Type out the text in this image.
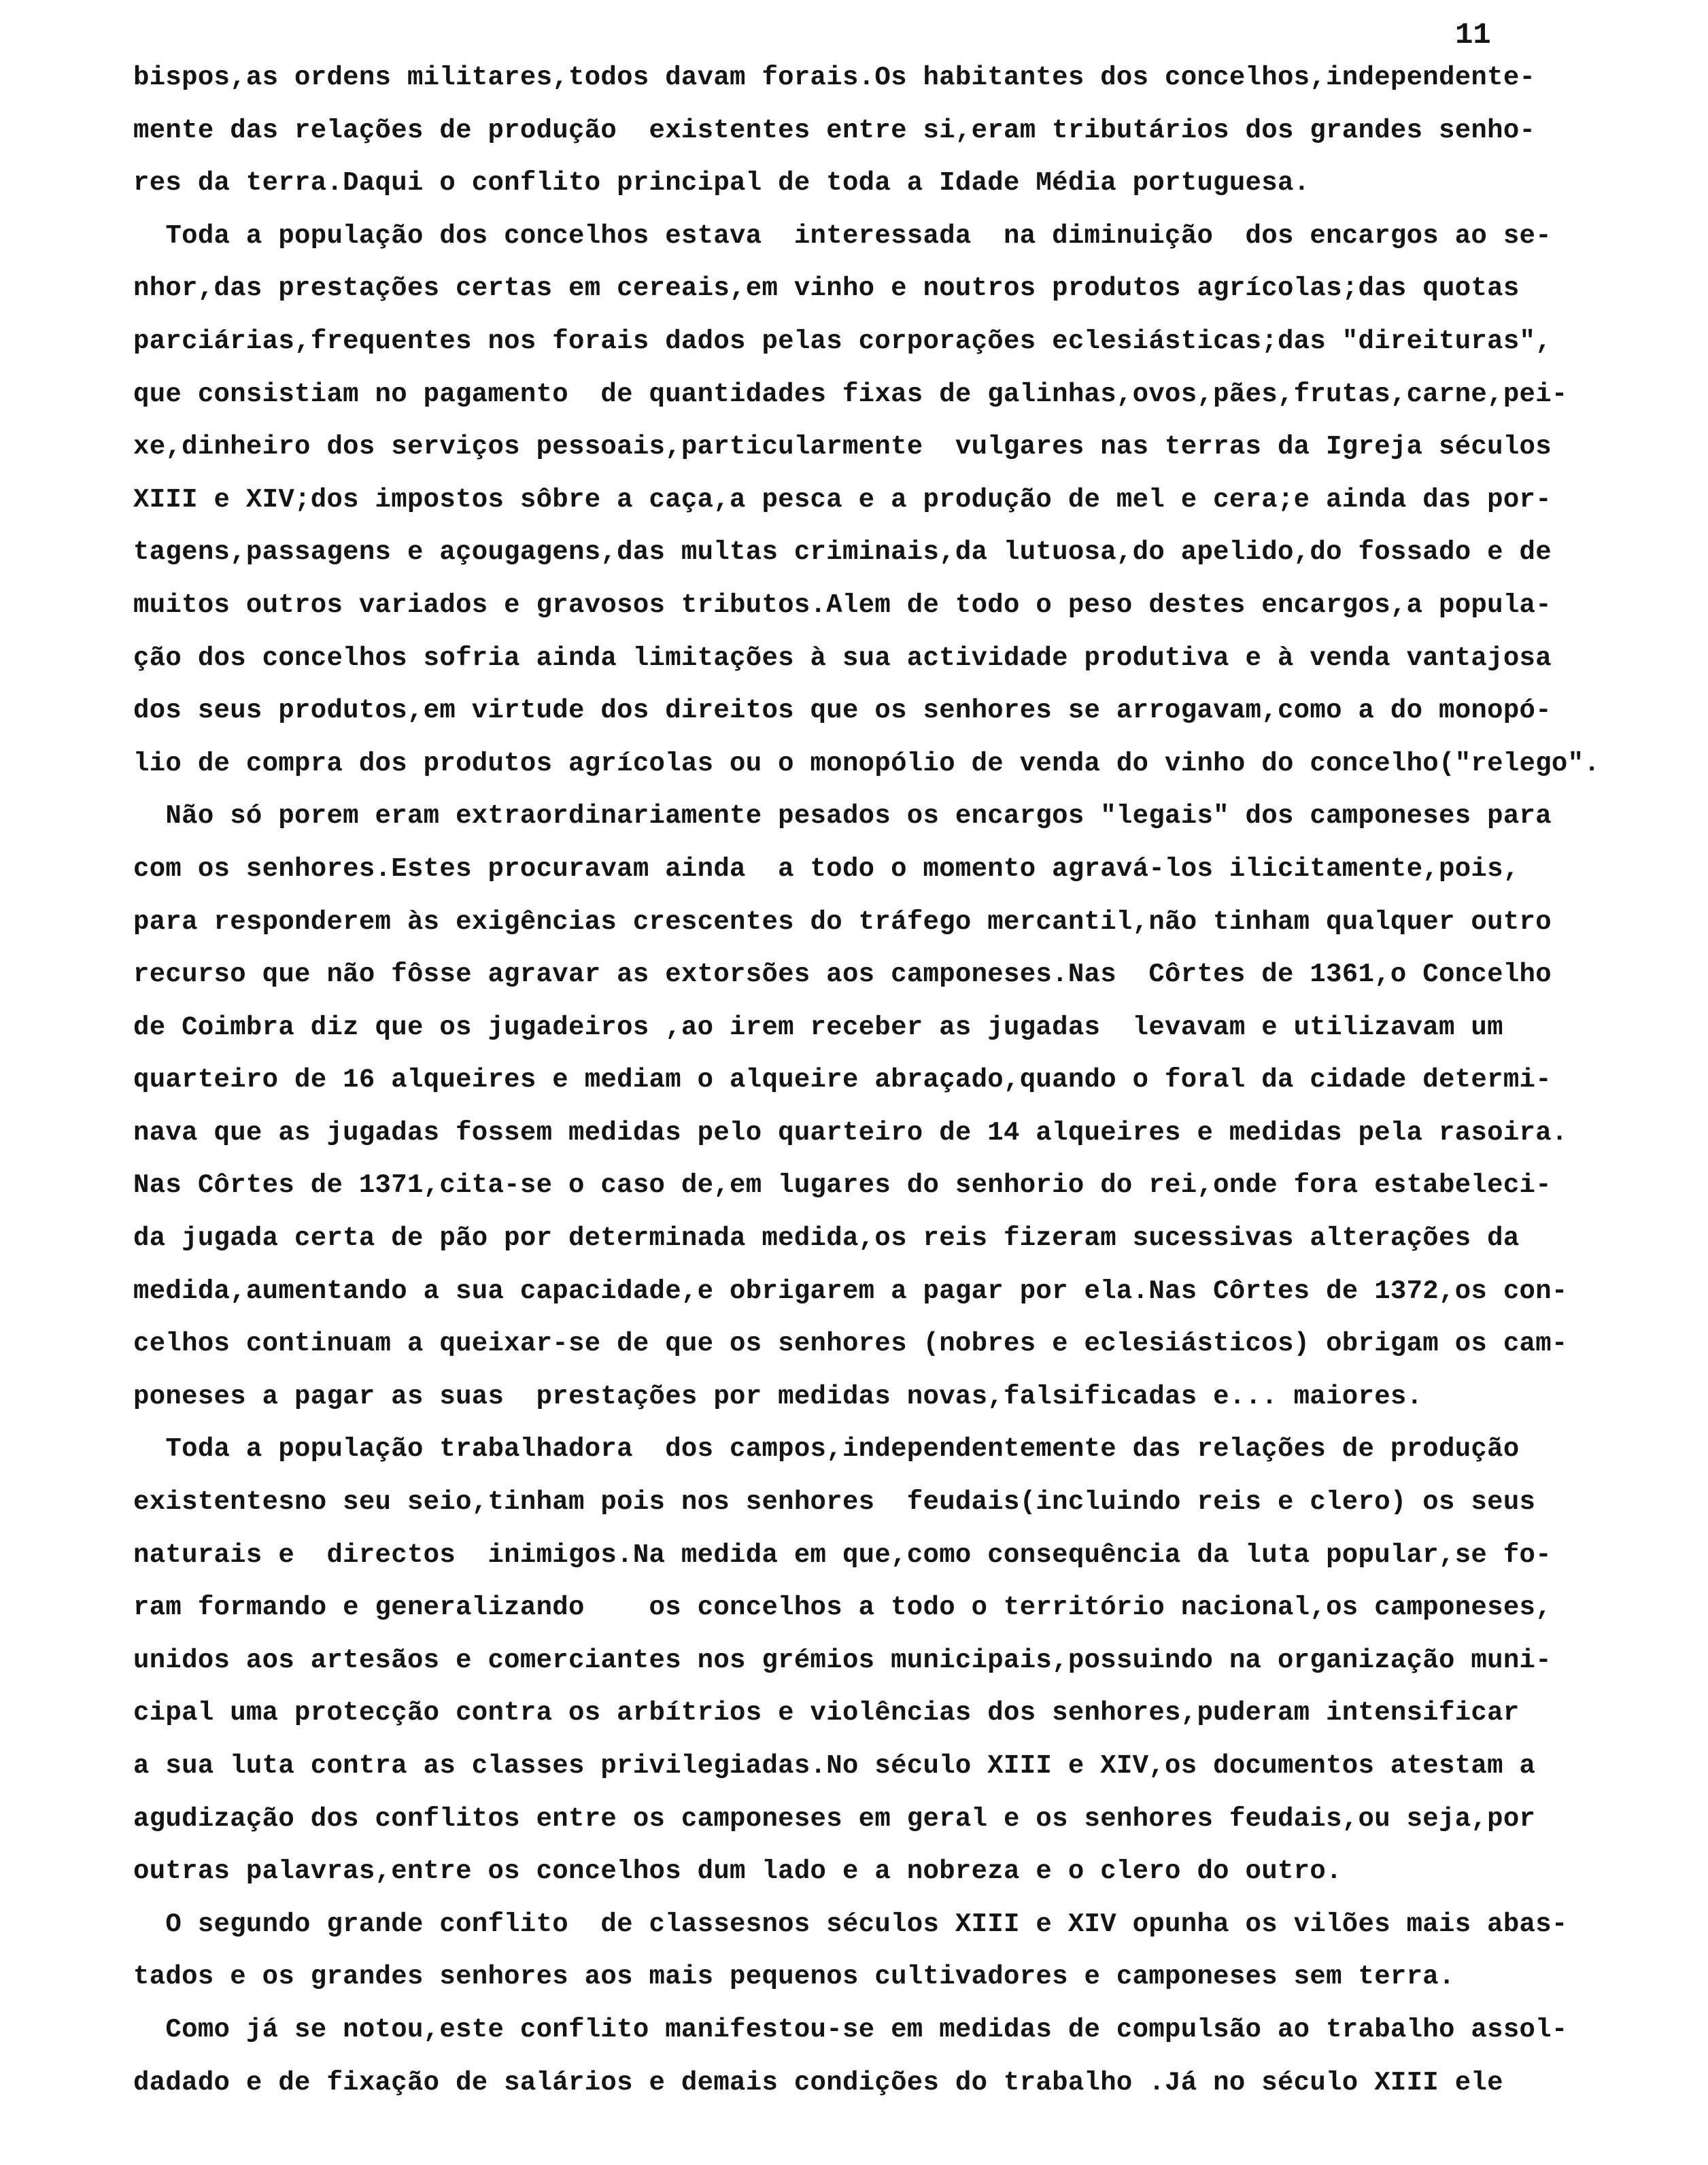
11
bispos,as ordens militares,todos davam forais.Os habitantes dos concelhos,independente-
mente das relações de produção  existentes entre si,eram tributários dos grandes senho-
res da terra.Daqui o conflito principal de toda a Idade Média portuguesa.
Toda a população dos concelhos estava  interessada  na diminuição  dos encargos ao se-
nhor,das prestações certas em cereais,em vinho e noutros produtos agrícolas;das quotas
parciárias,frequentes nos forais dados pelas corporações eclesiásticas;das "direituras",
que consistiam no pagamento  de quantidades fixas de galinhas,ovos,pães,frutas,carne,pei-
xe,dinheiro dos serviços pessoais,particularmente  vulgares nas terras da Igreja séculos
XIII e XIV;dos impostos sôbre a caça,a pesca e a produção de mel e cera;e ainda das por-
tagens,passagens e açougagens,das multas criminais,da lutuosa,do apelido,do fossado e de
muitos outros variados e gravosos tributos.Alem de todo o peso destes encargos,a popula-
ção dos concelhos sofria ainda limitações à sua actividade produtiva e à venda vantajosa
dos seus produtos,em virtude dos direitos que os senhores se arrogavam,como a do monopó-
lio de compra dos produtos agrícolas ou o monopólio de venda do vinho do concelho("relego".
Não só porem eram extraordinariamente pesados os encargos "legais" dos camponeses para
com os senhores.Estes procuravam ainda  a todo o momento agravá-los ilicitamente,pois,
para responderem às exigências crescentes do tráfego mercantil,não tinham qualquer outro
recurso que não fôsse agravar as extorsões aos camponeses.Nas  Côrtes de 1361,o Concelho
de Coimbra diz que os jugadeiros ,ao irem receber as jugadas  levavam e utilizavam um
quarteiro de 16 alqueires e mediam o alqueire abraçado,quando o foral da cidade determi-
nava que as jugadas fossem medidas pelo quarteiro de 14 alqueires e medidas pela rasoira.
Nas Côrtes de 1371,cita-se o caso de,em lugares do senhorio do rei,onde fora estabeleci-
da jugada certa de pão por determinada medida,os reis fizeram sucessivas alterações da
medida,aumentando a sua capacidade,e obrigarem a pagar por ela.Nas Côrtes de 1372,os con-
celhos continuam a queixar-se de que os senhores (nobres e eclesiásticos) obrigam os cam-
poneses a pagar as suas  prestações por medidas novas,falsificadas e... maiores.
Toda a população trabalhadora  dos campos,independentemente das relações de produção
existentesno seu seio,tinham pois nos senhores  feudais(incluindo reis e clero) os seus
naturais e  directos  inimigos.Na medida em que,como consequência da luta popular,se fo-
ram formando e generalizando    os concelhos a todo o território nacional,os camponeses,
unidos aos artesãos e comerciantes nos grémios municipais,possuindo na organização muni-
cipal uma protecção contra os arbítrios e violências dos senhores,puderam intensificar
a sua luta contra as classes privilegiadas.No século XIII e XIV,os documentos atestam a
agudização dos conflitos entre os camponeses em geral e os senhores feudais,ou seja,por
outras palavras,entre os concelhos dum lado e a nobreza e o clero do outro.
O segundo grande conflito  de classesnos séculos XIII e XIV opunha os vilões mais abas-
tados e os grandes senhores aos mais pequenos cultivadores e camponeses sem terra.
Como já se notou,este conflito manifestou-se em medidas de compulsão ao trabalho assol-
dadado e de fixação de salários e demais condições do trabalho .Já no século XIII ele
